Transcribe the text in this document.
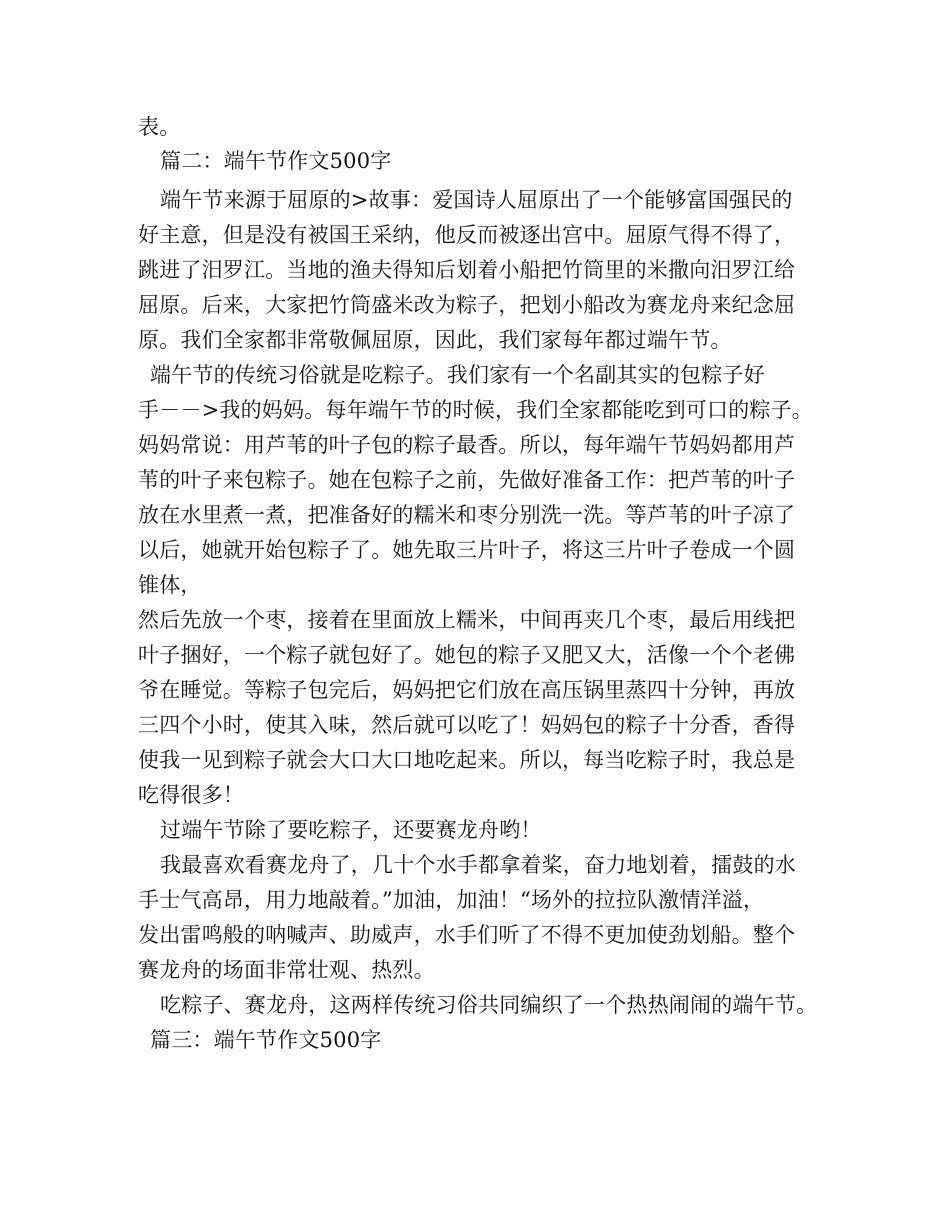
表。
篇二：端午节作文500字
端午节来源于屈原的>故事：爱国诗人屈原出了一个能够富国强民的
好主意，但是没有被国王采纳，他反而被逐出宫中。屈原气得不得了，
跳进了汨罗江。当地的渔夫得知后划着小船把竹筒里的米撒向汨罗江给
屈原。后来，大家把竹筒盛米改为粽子，把划小船改为赛龙舟来纪念屈
原。我们全家都非常敬佩屈原，因此，我们家每年都过端午节。
端午节的传统习俗就是吃粽子。我们家有一个名副其实的包粽子好
手－－>我的妈妈。每年端午节的时候，我们全家都能吃到可口的粽子。
妈妈常说：用芦苇的叶子包的粽子最香。所以，每年端午节妈妈都用芦
苇的叶子来包粽子。她在包粽子之前，先做好准备工作：把芦苇的叶子
放在水里煮一煮，把准备好的糯米和枣分别洗一洗。等芦苇的叶子凉了
以后，她就开始包粽子了。她先取三片叶子，将这三片叶子卷成一个圆
锥体，
然后先放一个枣，接着在里面放上糯米，中间再夹几个枣，最后用线把
叶子捆好，一个粽子就包好了。她包的粽子又肥又大，活像一个个老佛
爷在睡觉。等粽子包完后，妈妈把它们放在高压锅里蒸四十分钟，再放
三四个小时，使其入味，然后就可以吃了！妈妈包的粽子十分香，香得
使我一见到粽子就会大口大口地吃起来。所以，每当吃粽子时，我总是
吃得很多！
过端午节除了要吃粽子，还要赛龙舟哟！
我最喜欢看赛龙舟了，几十个水手都拿着桨，奋力地划着，擂鼓的水
手士气高昂，用力地敲着。”加油，加油！“场外的拉拉队激情洋溢，
发出雷鸣般的呐喊声、助威声，水手们听了不得不更加使劲划船。整个
赛龙舟的场面非常壮观、热烈。
吃粽子、赛龙舟，这两样传统习俗共同编织了一个热热闹闹的端午节。
篇三：端午节作文500字
